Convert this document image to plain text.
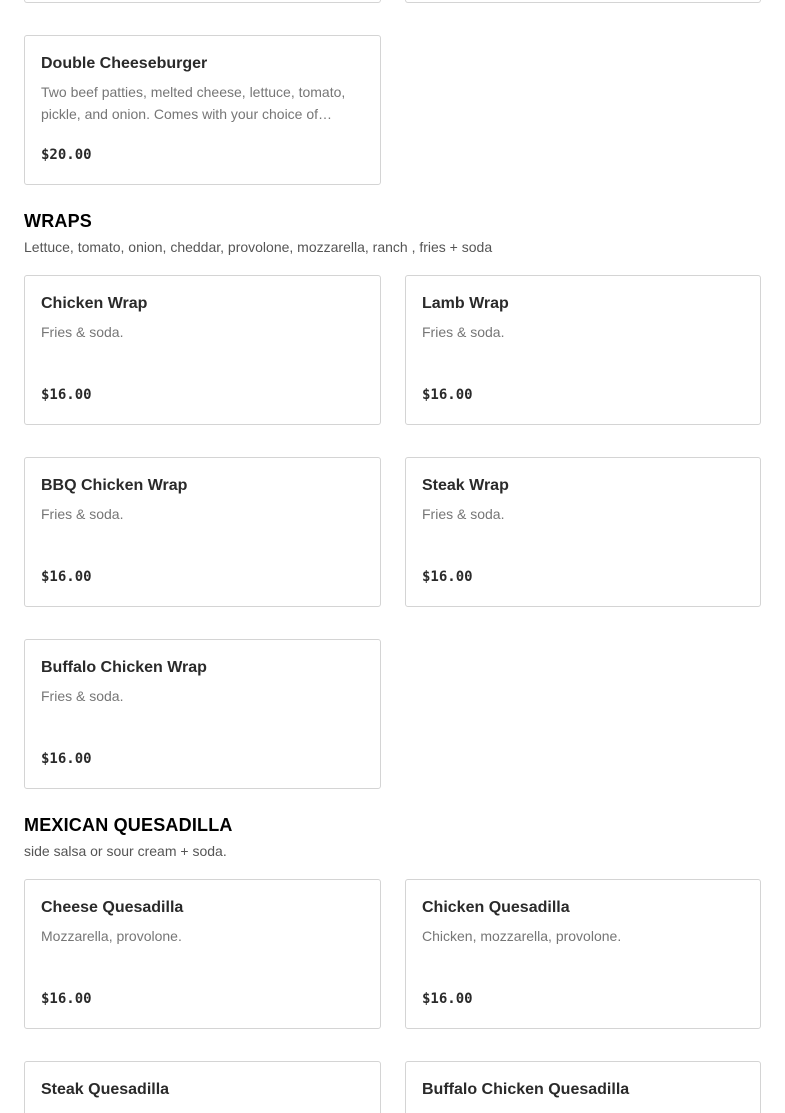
Double Cheeseburger
Two beef patties, melted cheese, lettuce, tomato, pickle, and onion. Comes with your choice of…
$20.00
WRAPS
Lettuce, tomato, onion, cheddar, provolone, mozzarella, ranch , fries + soda
Chicken Wrap
Fries & soda.
$16.00
Lamb Wrap
Fries & soda.
$16.00
BBQ Chicken Wrap
Fries & soda.
$16.00
Steak Wrap
Fries & soda.
$16.00
Buffalo Chicken Wrap
Fries & soda.
$16.00
MEXICAN QUESADILLA
side salsa or sour cream + soda.
Cheese Quesadilla
Mozzarella, provolone.
$16.00
Chicken Quesadilla
Chicken, mozzarella, provolone.
$16.00
Steak Quesadilla	Buffalo Chicken Quesadilla
